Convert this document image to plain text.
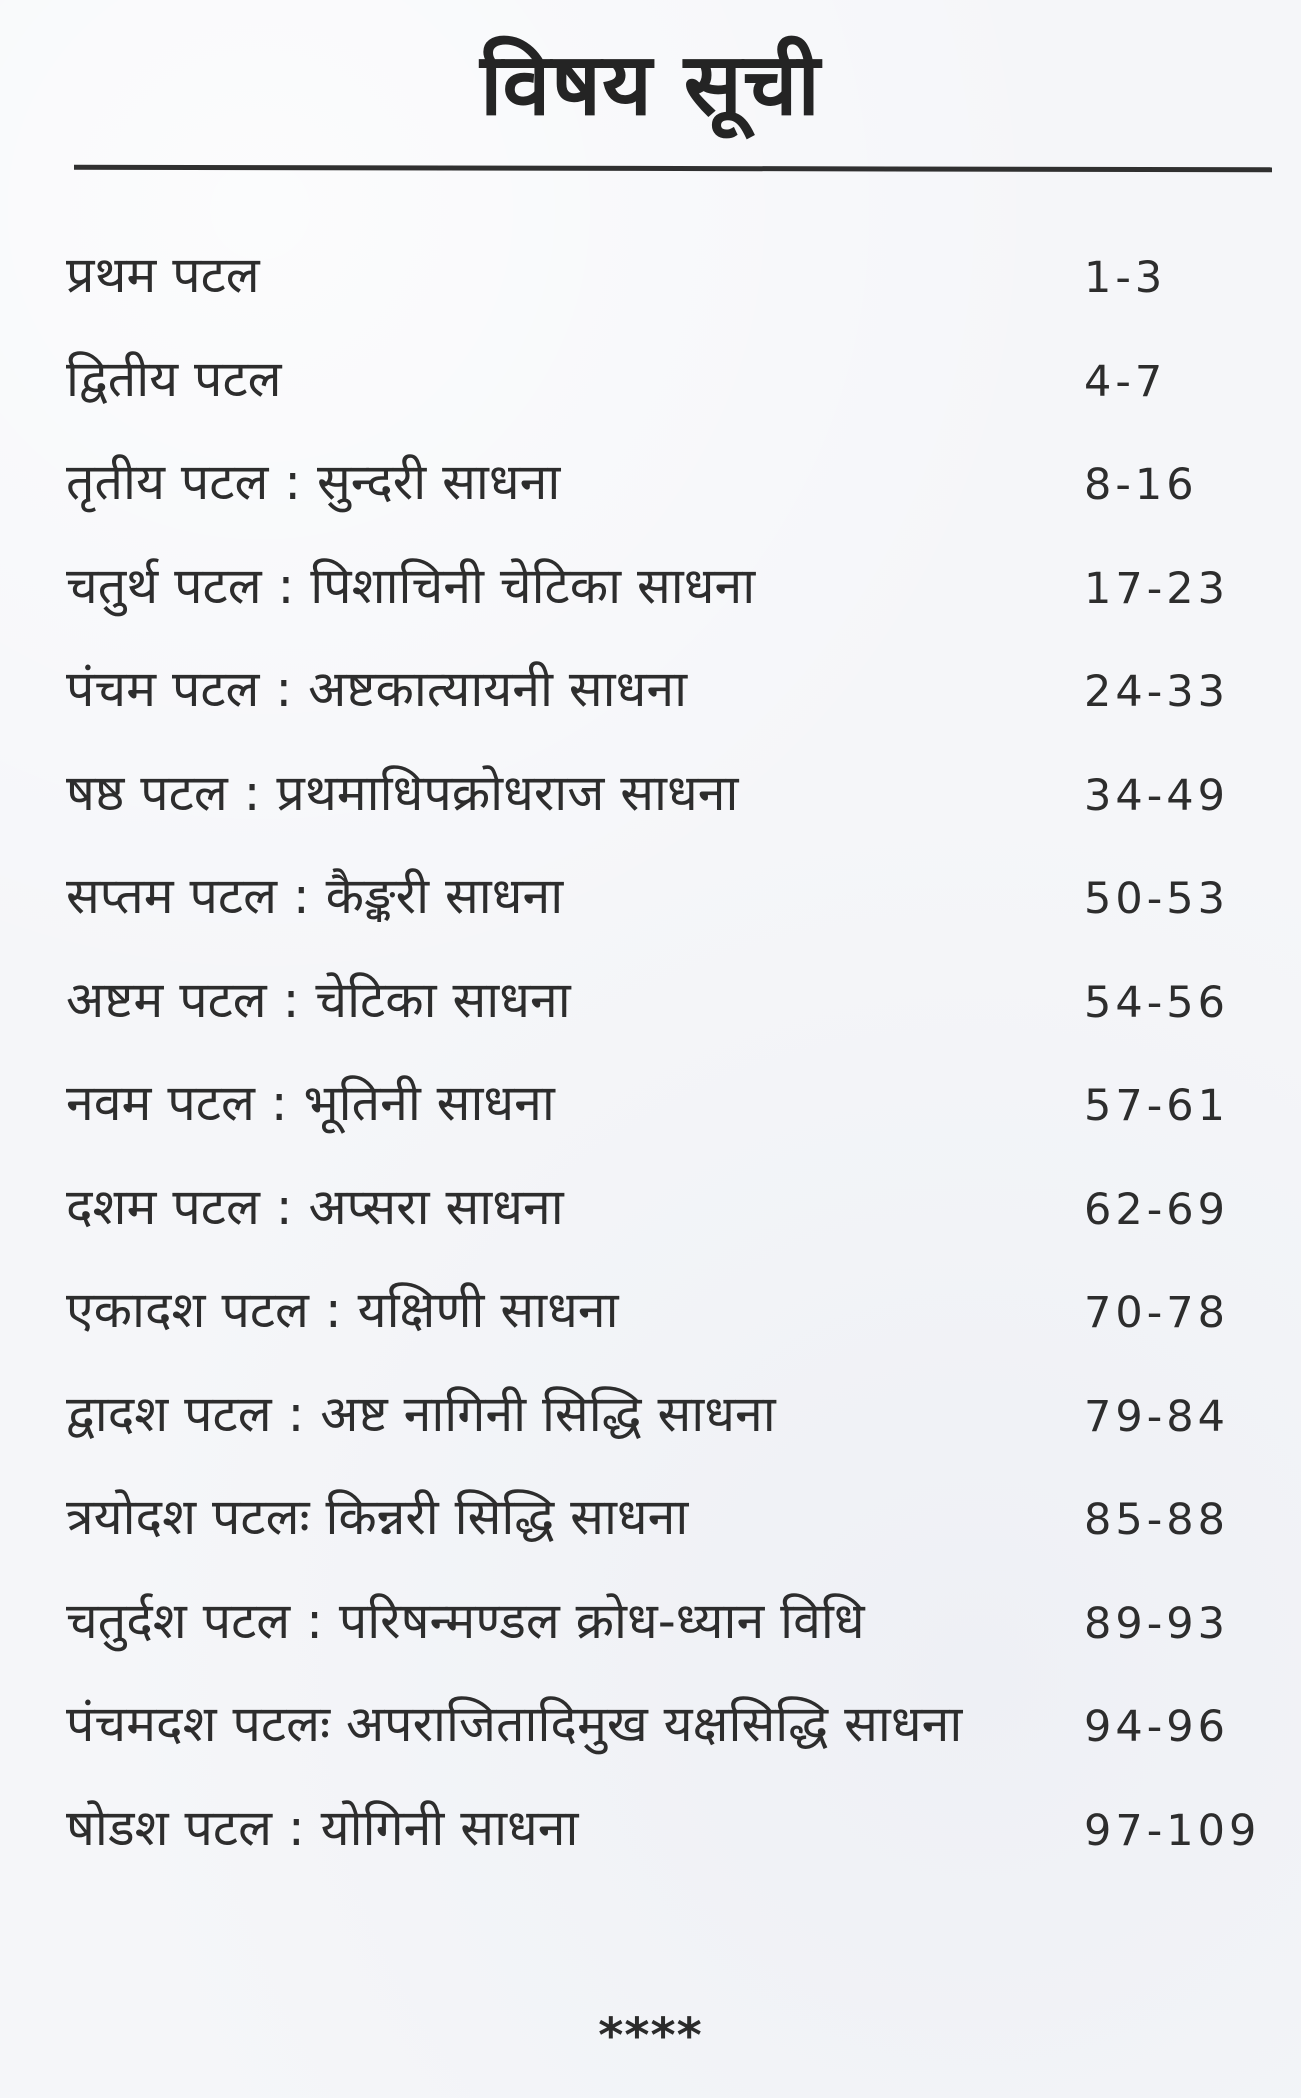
विषय सूची
प्रथम पटल	1-3
द्वितीय पटल	4-7
तृतीय पटल : सुन्दरी साधना	8-16
चतुर्थ पटल : पिशाचिनी चेटिका साधना	17-23
पंचम पटल : अष्टकात्यायनी साधना	24-33
षष्ठ पटल : प्रथमाधिपक्रोधराज साधना	34-49
सप्तम पटल : कैङ्करी साधना	50-53
अष्टम पटल : चेटिका साधना	54-56
नवम पटल : भूतिनी साधना	57-61
दशम पटल : अप्सरा साधना	62-69
एकादश पटल : यक्षिणी साधना	70-78
द्वादश पटल : अष्ट नागिनी सिद्धि साधना	79-84
त्रयोदश पटलः किन्नरी सिद्धि साधना	85-88
चतुर्दश पटल : परिषन्मण्डल क्रोध-ध्यान विधि	89-93
पंचमदश पटलः अपराजितादिमुख यक्षसिद्धि साधना	94-96
षोडश पटल : योगिनी साधना	97-109
****
